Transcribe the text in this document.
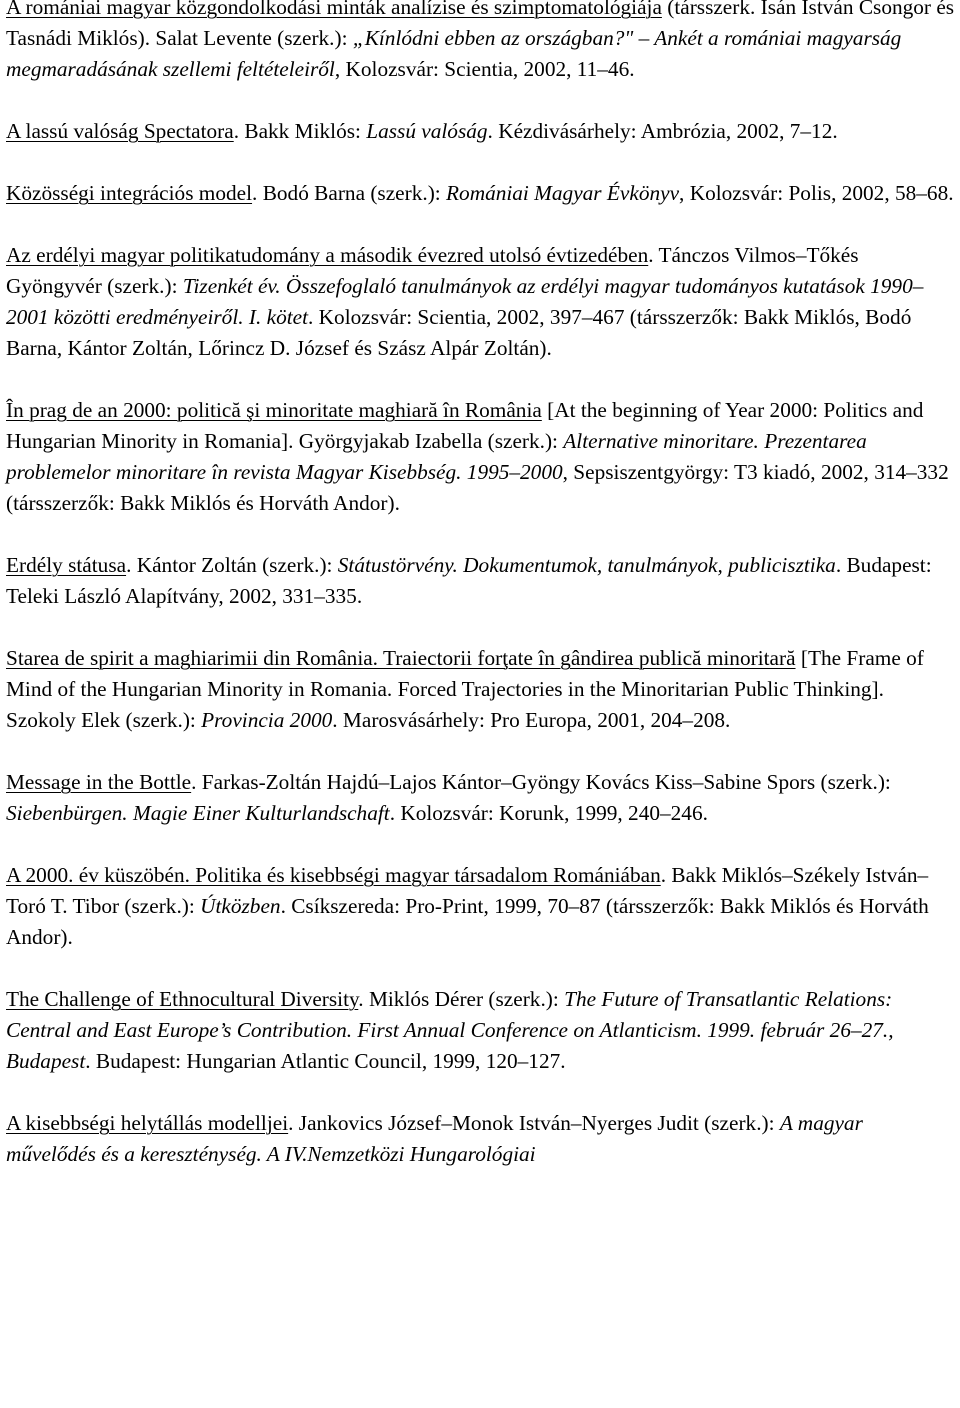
A romániai magyar közgondolkodási minták analízise és szimptomatológiája (társszerk. Isán István Csongor és Tasnádi Miklós). Salat Levente (szerk.): „Kínlódni ebben az országban?" – Ankét a romániai magyarság megmaradásának szellemi feltételeiről, Kolozsvár: Scientia, 2002, 11–46.

A lassú valóság Spectatora. Bakk Miklós: Lassú valóság. Kézdivásárhely: Ambrózia, 2002, 7–12.

Közösségi integrációs model. Bodó Barna (szerk.): Romániai Magyar Évkönyv, Kolozsvár: Polis, 2002, 58–68.

Az erdélyi magyar politikatudomány a második évezred utolsó évtizedében. Tánczos Vilmos–Tőkés Gyöngyvér (szerk.): Tizenkét év. Összefoglaló tanulmányok az erdélyi magyar tudományos kutatások 1990–2001 közötti eredményeiről. I. kötet. Kolozsvár: Scientia, 2002, 397–467 (társszerzők: Bakk Miklós, Bodó Barna, Kántor Zoltán, Lőrincz D. József és Szász Alpár Zoltán).

În prag de an 2000: politică şi minoritate maghiară în România [At the beginning of Year 2000: Politics and Hungarian Minority in Romania]. Györgyjakab Izabella (szerk.): Alternative minoritare. Prezentarea problemelor minoritare în revista Magyar Kisebbség. 1995–2000, Sepsiszentgyörgy: T3 kiadó, 2002, 314–332 (társszerzők: Bakk Miklós és Horváth Andor).

Erdély státusa. Kántor Zoltán (szerk.): Státustörvény. Dokumentumok, tanulmányok, publicisztika. Budapest: Teleki László Alapítvány, 2002, 331–335.

Starea de spirit a maghiarimii din România. Traiectorii forţate în gândirea publică minoritară [The Frame of Mind of the Hungarian Minority in Romania. Forced Trajectories in the Minoritarian Public Thinking]. Szokoly Elek (szerk.): Provincia 2000. Marosvásárhely: Pro Europa, 2001, 204–208.

Message in the Bottle. Farkas-Zoltán Hajdú–Lajos Kántor–Gyöngy Kovács Kiss–Sabine Spors (szerk.): Siebenbürgen. Magie Einer Kulturlandschaft. Kolozsvár: Korunk, 1999, 240–246.

A 2000. év küszöbén. Politika és kisebbségi magyar társadalom Romániában. Bakk Miklós–Székely István–Toró T. Tibor (szerk.): Útközben. Csíkszereda: Pro-Print, 1999, 70–87 (társszerzők: Bakk Miklós és Horváth Andor).

The Challenge of Ethnocultural Diversity. Miklós Dérer (szerk.): The Future of Transatlantic Relations: Central and East Europe’s Contribution. First Annual Conference on Atlanticism. 1999. február 26–27., Budapest. Budapest: Hungarian Atlantic Council, 1999, 120–127.

A kisebbségi helytállás modelljei. Jankovics József–Monok István–Nyerges Judit (szerk.): A magyar művelődés és a kereszténység. A IV.Nemzetközi Hungarológiai
